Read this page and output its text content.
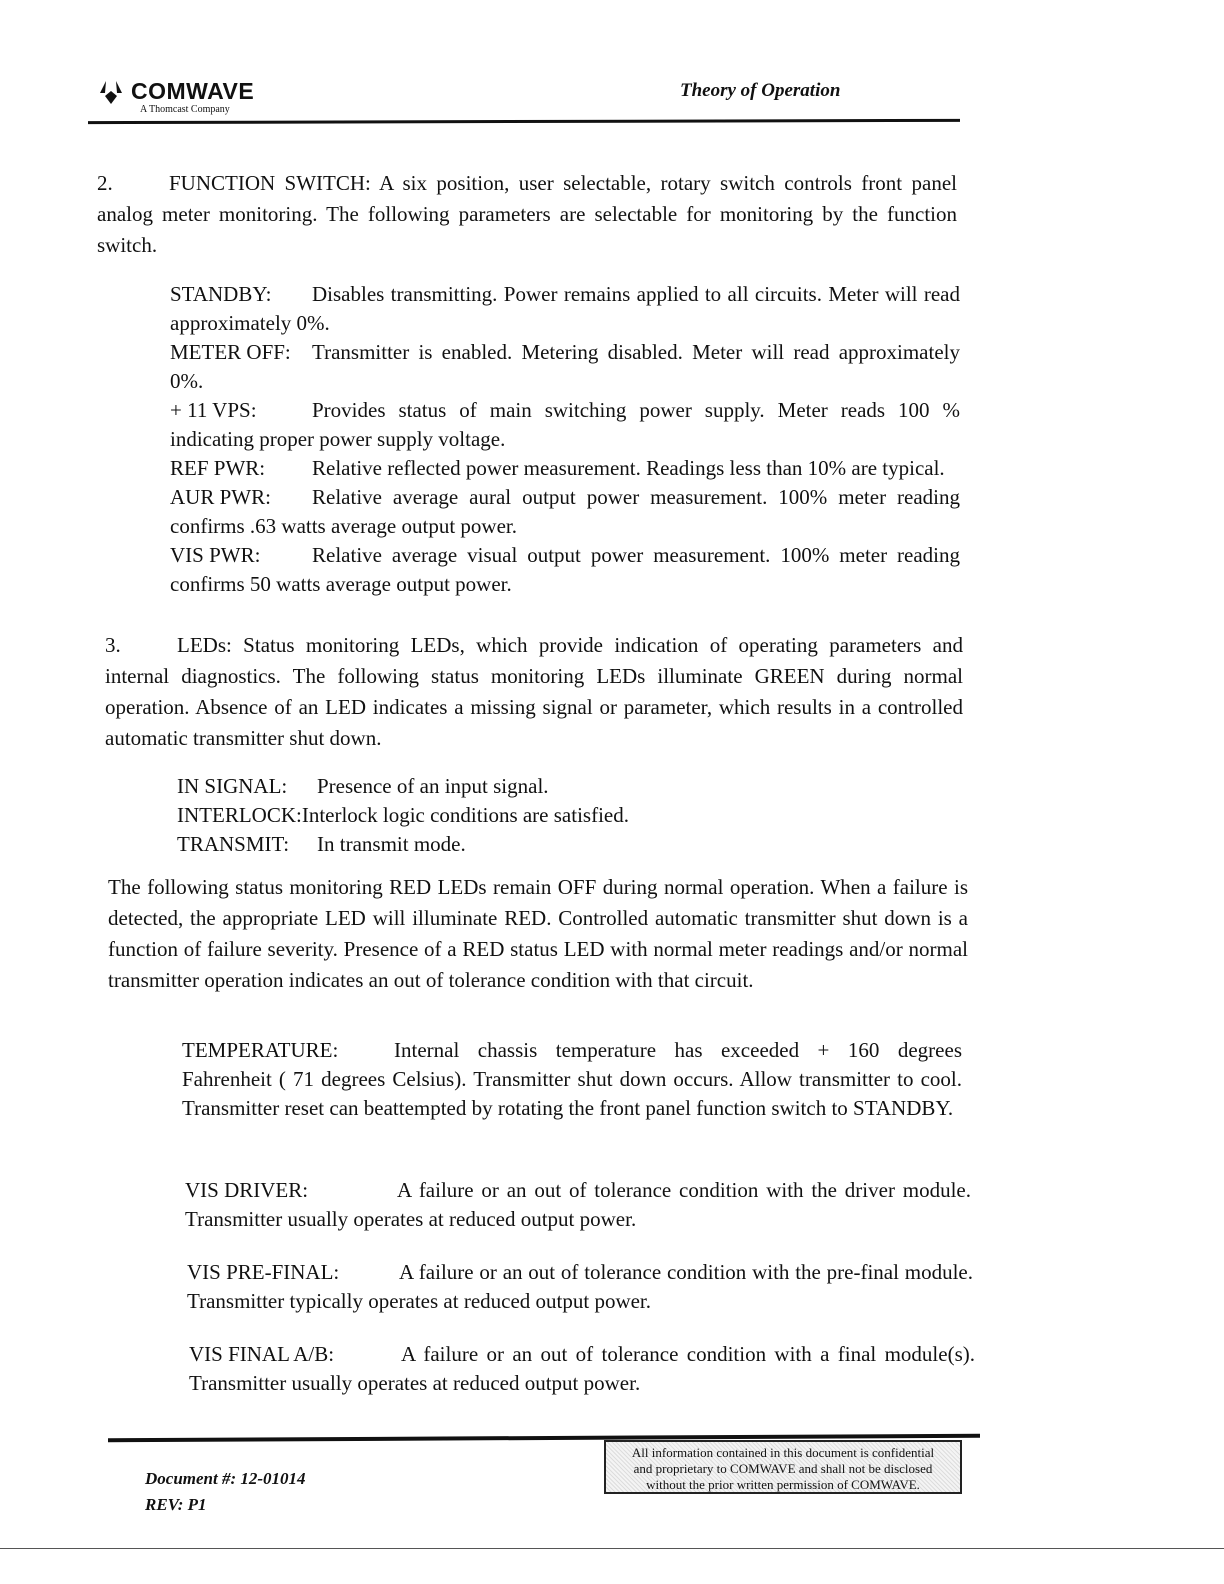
COMWAVE	Theory of Operation
A Thomcast Company

2.	FUNCTION SWITCH: A six position, user selectable, rotary switch controls front panel analog meter monitoring. The following parameters are selectable for monitoring by the function switch.

STANDBY: Disables transmitting. Power remains applied to all circuits. Meter will read approximately 0%.

METER OFF: Transmitter is enabled. Metering disabled. Meter will read approximately 0%.

+ 11 VPS:	Provides status of main switching power supply. Meter reads 100 % indicating proper power supply voltage.

REF PWR: Relative reflected power measurement. Readings less than 10% are typical.

AUR PWR: Relative average aural output power measurement. 100% meter reading confirms .63 watts average output power.

VIS PWR: Relative average visual output power measurement. 100% meter reading confirms 50 watts average output power.

3.	LEDs: Status monitoring LEDs, which provide indication of operating parameters and internal diagnostics. The following status monitoring LEDs illuminate GREEN during normal operation. Absence of an LED indicates a missing signal or parameter, which results in a controlled automatic transmitter shut down.

IN SIGNAL: Presence of an input signal.

INTERLOCK:Interlock logic conditions are satisfied.

TRANSMIT: In transmit mode.

The following status monitoring RED LEDs remain OFF during normal operation. When a failure is detected, the appropriate LED will illuminate RED. Controlled automatic transmitter shut down is a function of failure severity. Presence of a RED status LED with normal meter readings and/or normal transmitter operation indicates an out of tolerance condition with that circuit.

TEMPERATURE:	Internal chassis temperature has exceeded + 160 degrees Fahrenheit ( 71 degrees Celsius). Transmitter shut down occurs. Allow transmitter to cool. Transmitter reset can beattempted by rotating the front panel function switch to STANDBY.

VIS DRIVER:	A failure or an out of tolerance condition with the driver module. Transmitter usually operates at reduced output power.

VIS PRE-FINAL:	A failure or an out of tolerance condition with the pre-final module. Transmitter typically operates at reduced output power.

VIS FINAL A/B:	A failure or an out of tolerance condition with a final module(s). Transmitter usually operates at reduced output power.

Document #: 12-01014
REV: P1
All information contained in this document is confidential
and proprietary to COMWAVE and shall not be disclosed
without the prior written permission of COMWAVE.
